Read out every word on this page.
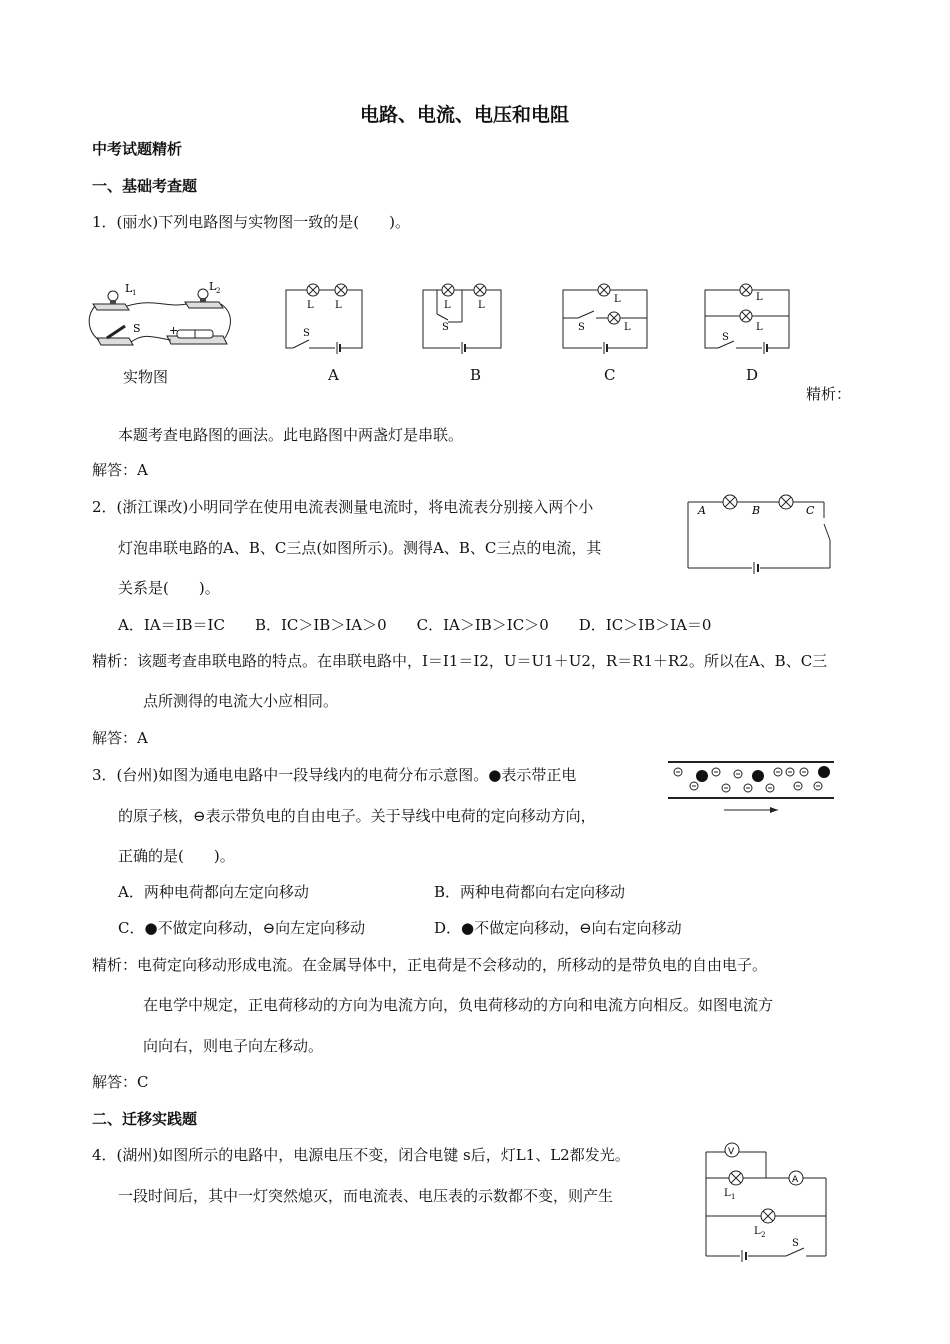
电路、电流、电压和电阻
中考试题精析
一、基础考查题
1．(丽水)下列电路图与实物图一致的是(　　)。
L 1	L 2
S	+
实物图
L L
S
A
L	L
S
B
L
L
S
C
L
L
S
D
精析：
本题考查电路图的画法。此电路图中两盏灯是串联。
解答：A
2．(浙江课改)小明同学在使用电流表测量电流时，将电流表分别接入两个小
灯泡串联电路的A、B、C三点(如图所示)。测得A、B、C三点的电流，其
关系是(　　)。
A	B	C
A．IA＝IB＝IC　　B．IC＞IB＞IA＞0　　C．IA＞IB＞IC＞0　　D．IC＞IB＞IA＝0
精析：该题考查串联电路的特点。在串联电路中，I＝I1＝I2，U＝U1＋U2，R＝R1＋R2。所以在A、B、C三
点所测得的电流大小应相同。
解答：A
3．(台州)如图为通电电路中一段导线内的电荷分布示意图。●表示带正电
的原子核，⊖表示带负电的自由电子。关于导线中电荷的定向移动方向，
正确的是(　　)。
A．两种电荷都向左定向移动	B．两种电荷都向右定向移动
C．●不做定向移动，⊖向左定向移动	D．●不做定向移动，⊖向右定向移动
精析：电荷定向移动形成电流。在金属导体中，正电荷是不会移动的，所移动的是带负电的自由电子。
在电学中规定，正电荷移动的方向为电流方向，负电荷移动的方向和电流方向相反。如图电流方
向向右，则电子向左移动。
解答：C
二、迁移实践题
4．(湖州)如图所示的电路中，电源电压不变，闭合电键 s后，灯L1、L2都发光。
一段时间后，其中一灯突然熄灭，而电流表、电压表的示数都不变，则产生
V
A
L 1
L 2
S
